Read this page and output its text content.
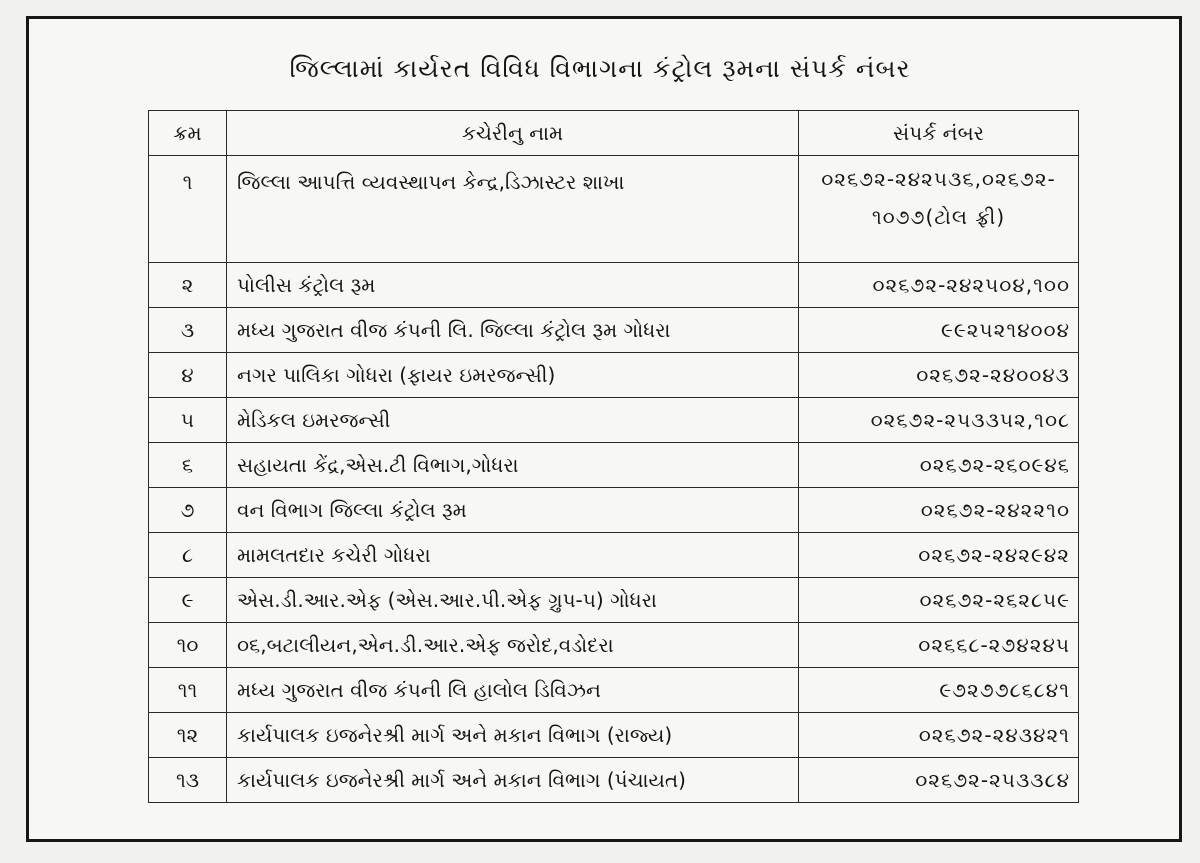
જિલ્લામાં કાર્યરત વિવિધ વિભાગના કંટ્રોલ રૂમના સંપર્ક નંબર
ક્રમ	કચેરીનુ નામ	સંપર્ક નંબર
૧	જિલ્લા આપત્તિ વ્યવસ્થાપન કેન્દ્ર,ડિઝાસ્ટર શાખા	૦૨૬૭૨-૨૪૨૫૩૬,૦૨૬૭૨-
૧૦૭૭(ટોલ ફ્રી)

૨	પોલીસ કંટ્રોલ રૂમ	૦૨૬૭૨-૨૪૨૫૦૪,૧૦૦

૩	મધ્ય ગુજરાત વીજ કંપની લિ. જિલ્લા કંટ્રોલ રૂમ ગોધરા	૯૯૨૫૨૧૪૦૦૪

૪	નગર પાલિકા ગોધરા (ફાયર ઇમરજન્સી)	૦૨૬૭૨-૨૪૦૦૪૩

૫	મેડિકલ ઇમરજન્સી	૦૨૬૭૨-૨૫૩૩૫૨,૧૦૮

૬	સહાયતા કેંદ્ર,એસ.ટી વિભાગ,ગોધરા	૦૨૬૭૨-૨૬૦૯૪૬

૭	વન વિભાગ જિલ્લા કંટ્રોલ રૂમ	૦૨૬૭૨-૨૪૨૨૧૦

૮	મામલતદાર કચેરી ગોધરા	૦૨૬૭૨-૨૪૨૯૪૨

૯	એસ.ડી.આર.એફ (એસ.આર.પી.એફ ગ્રુપ-૫) ગોધરા	૦૨૬૭૨-૨૬૨૮૫૯

૧૦	૦૬,બટાલીયન,એન.ડી.આર.એફ જરોદ,વડોદરા	૦૨૬૬૮-૨૭૪૨૪૫

૧૧	મધ્ય ગુજરાત વીજ કંપની લિ હાલોલ ડિવિઝન	૯૭૨૭૭૮૬૮૪૧

૧૨	કાર્યપાલક ઇજનેરશ્રી માર્ગ અને મકાન વિભાગ (રાજ્ય)	૦૨૬૭૨-૨૪૩૪૨૧

૧૩	કાર્યપાલક ઇજનેરશ્રી માર્ગ અને મકાન વિભાગ (પંચાયત)	૦૨૬૭૨-૨૫૩૩૮૪
